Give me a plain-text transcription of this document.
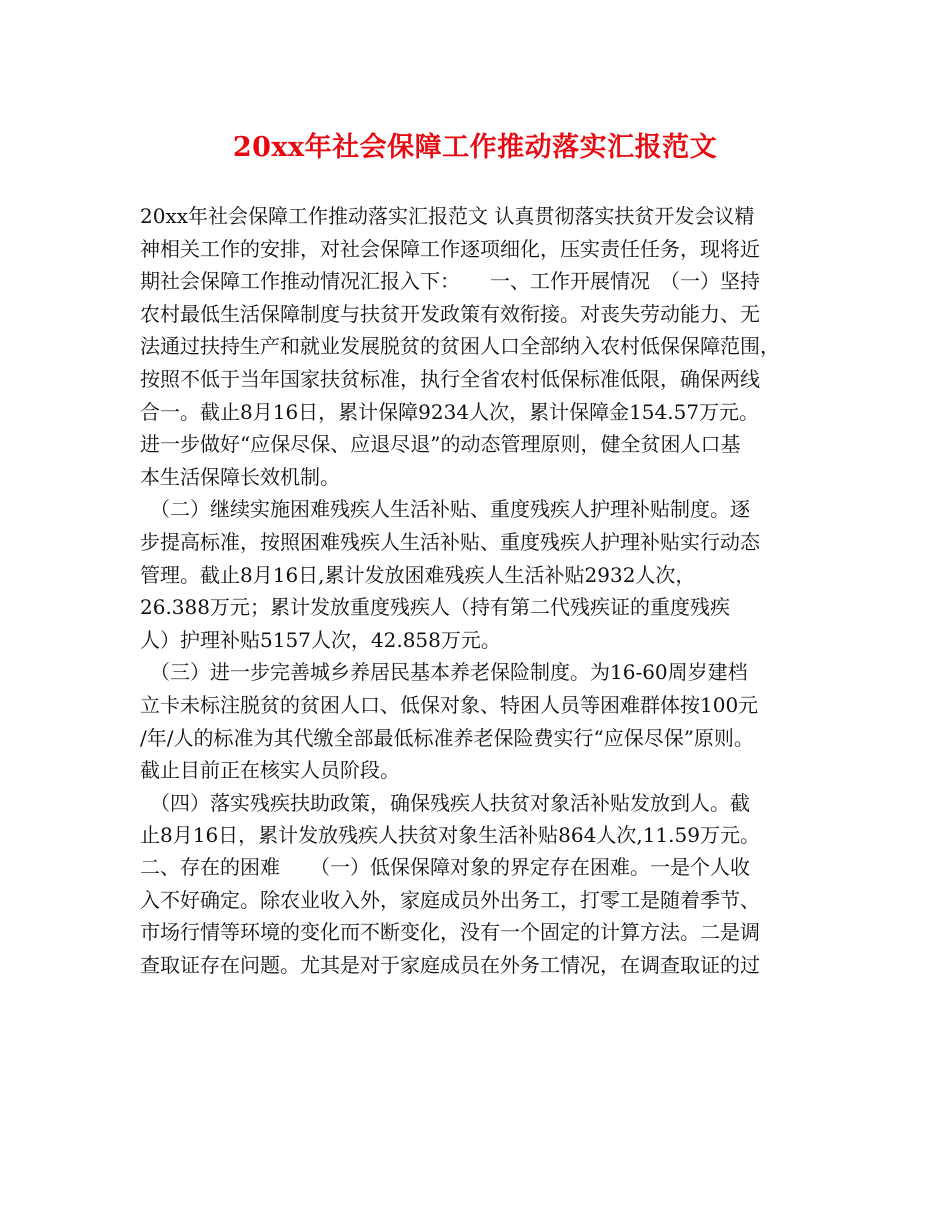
20xx年社会保障工作推动落实汇报范文
20xx年社会保障工作推动落实汇报范文 认真贯彻落实扶贫开发会议精
神相关工作的安排，对社会保障工作逐项细化，压实责任任务，现将近
期社会保障工作推动情况汇报入下：　　一、工作开展情况　（一）坚持
农村最低生活保障制度与扶贫开发政策有效衔接。对丧失劳动能力、无
法通过扶持生产和就业发展脱贫的贫困人口全部纳入农村低保保障范围，
按照不低于当年国家扶贫标准，执行全省农村低保标准低限，确保两线
合一。截止8月16日，累计保障9234人次，累计保障金154.57万元。
进一步做好“应保尽保、应退尽退”的动态管理原则，健全贫困人口基
本生活保障长效机制。
　（二）继续实施困难残疾人生活补贴、重度残疾人护理补贴制度。逐
步提高标准，按照困难残疾人生活补贴、重度残疾人护理补贴实行动态
管理。截止8月16日,累计发放困难残疾人生活补贴2932人次，
26.388万元；累计发放重度残疾人（持有第二代残疾证的重度残疾
人）护理补贴5157人次，42.858万元。
　（三）进一步完善城乡养居民基本养老保险制度。为16-60周岁建档
立卡未标注脱贫的贫困人口、低保对象、特困人员等困难群体按100元
/年/人的标准为其代缴全部最低标准养老保险费实行“应保尽保”原则。
截止目前正在核实人员阶段。
　（四）落实残疾扶助政策，确保残疾人扶贫对象活补贴发放到人。截
止8月16日，累计发放残疾人扶贫对象生活补贴864人次,11.59万元。
二、存在的困难　　（一）低保保障对象的界定存在困难。一是个人收
入不好确定。除农业收入外，家庭成员外出务工，打零工是随着季节、
市场行情等环境的变化而不断变化，没有一个固定的计算方法。二是调
查取证存在问题。尤其是对于家庭成员在外务工情况，在调查取证的过
